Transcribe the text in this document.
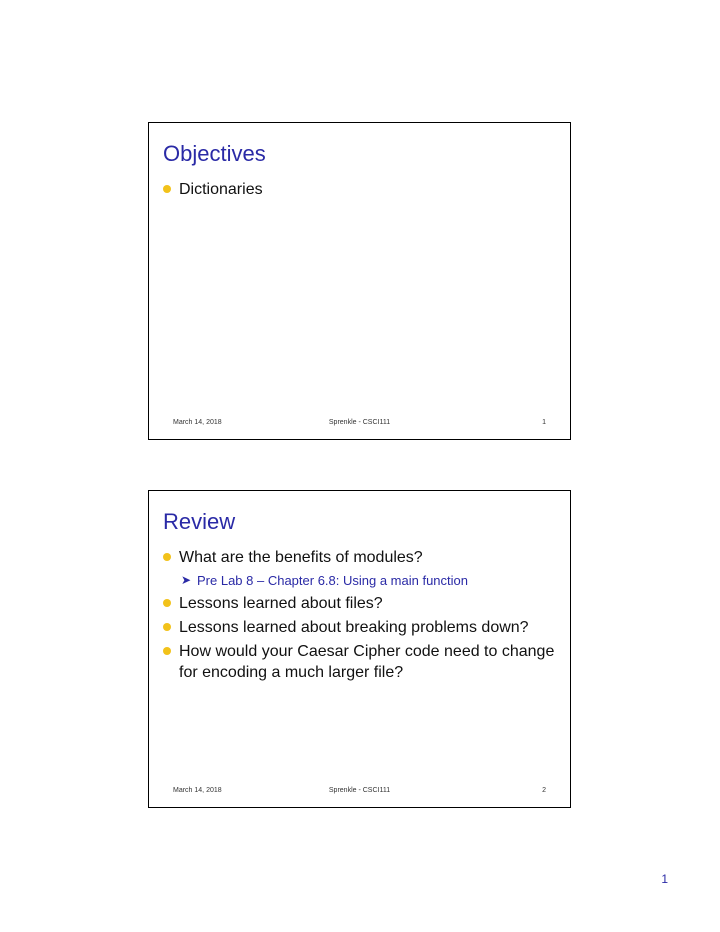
Objectives
Dictionaries
March 14, 2018	Sprenkle - CSCI111	1
Review
What are the benefits of modules?
➤ Pre Lab 8 – Chapter 6.8: Using a main function
Lessons learned about files?
Lessons learned about breaking problems down?
How would your Caesar Cipher code need to change for encoding a much larger file?
March 14, 2018	Sprenkle - CSCI111	2
1
